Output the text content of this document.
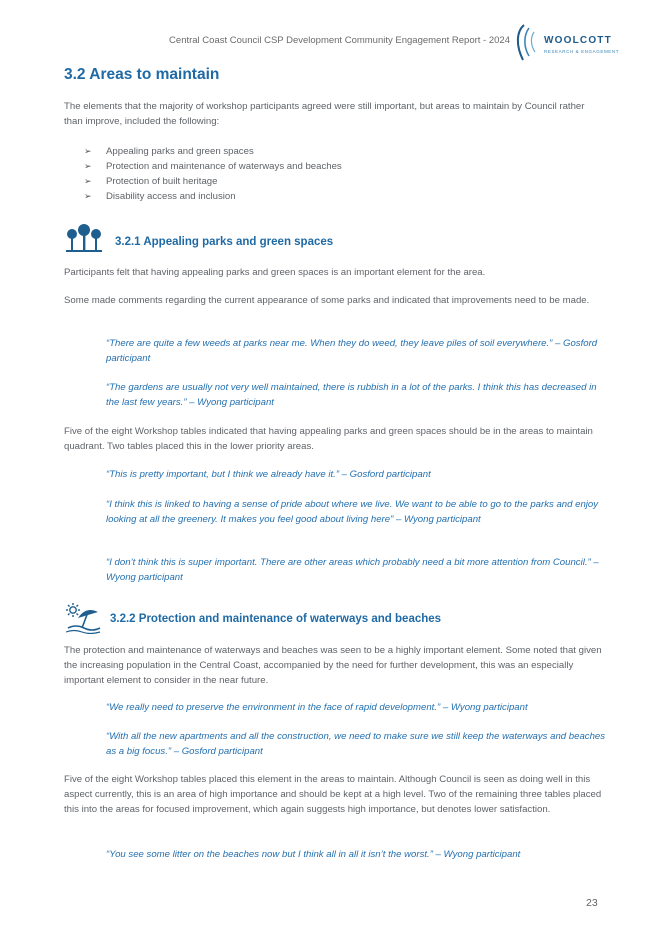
Central Coast Council CSP Development Community Engagement Report - 2024	WOOLCOTT
RESEARCH & ENGAGEMENT
3.2 Areas to maintain

The elements that the majority of workshop participants agreed were still important, but areas to maintain by Council rather than improve, included the following:

➢ Appealing parks and green spaces
➢ Protection and maintenance of waterways and beaches
➢ Protection of built heritage
➢ Disability access and inclusion
3.2.1 Appealing parks and green spaces

Participants felt that having appealing parks and green spaces is an important element for the area.

Some made comments regarding the current appearance of some parks and indicated that improvements need to be made.

“There are quite a few weeds at parks near me. When they do weed, they leave piles of soil everywhere.” – Gosford participant

“The gardens are usually not very well maintained, there is rubbish in a lot of the parks. I think this has decreased in the last few years.” – Wyong participant

Five of the eight Workshop tables indicated that having appealing parks and green spaces should be in the areas to maintain quadrant. Two tables placed this in the lower priority areas.

“This is pretty important, but I think we already have it.” – Gosford participant

“I think this is linked to having a sense of pride about where we live. We want to be able to go to the parks and enjoy looking at all the greenery. It makes you feel good about living here” – Wyong participant

“I don’t think this is super important. There are other areas which probably need a bit more attention from Council.” – Wyong participant

3.2.2 Protection and maintenance of waterways and beaches

The protection and maintenance of waterways and beaches was seen to be a highly important element. Some noted that given the increasing population in the Central Coast, accompanied by the need for further development, this was an especially important element to consider in the near future.

“We really need to preserve the environment in the face of rapid development.” – Wyong participant

“With all the new apartments and all the construction, we need to make sure we still keep the waterways and beaches as a big focus.” – Gosford participant

Five of the eight Workshop tables placed this element in the areas to maintain. Although Council is seen as doing well in this aspect currently, this is an area of high importance and should be kept at a high level. Two of the remaining three tables placed this into the areas for focused improvement, which again suggests high importance, but denotes lower satisfaction.

“You see some litter on the beaches now but I think all in all it isn’t the worst.” – Wyong participant

23
